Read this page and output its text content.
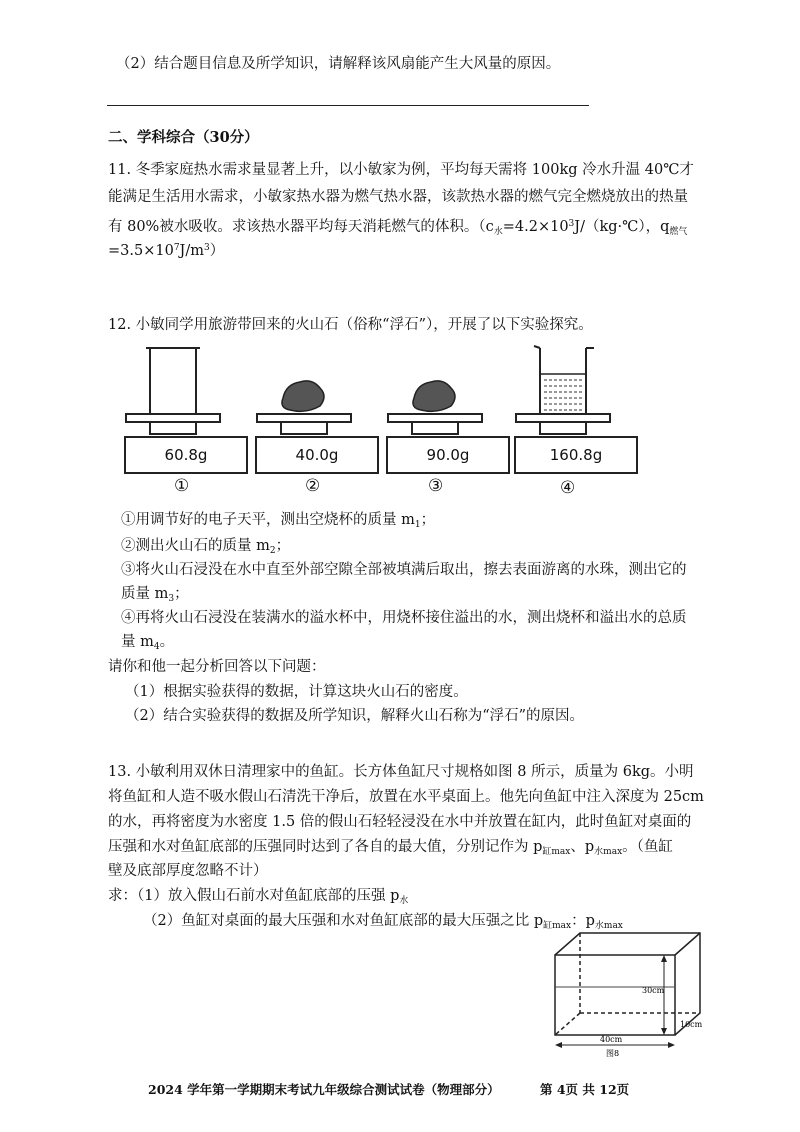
（2）结合题目信息及所学知识，请解释该风扇能产生大风量的原因。
二、学科综合（30分）
11. 冬季家庭热水需求量显著上升，以小敏家为例，平均每天需将 100kg 冷水升温 40℃才
能满足生活用水需求，小敏家热水器为燃气热水器，该款热水器的燃气完全燃烧放出的热量
有 80%被水吸收。求该热水器平均每天消耗燃气的体积。（$c_水=4.2\times 10^3J/(kg\cdot℃)$，$q_{燃气}$
$=3.5\times 10^7J/m^3$）
12. 小敏同学用旅游带回来的火山石（俗称“浮石”），开展了以下实验探究。
60.8g	40.0g	90.0g	160.8g
①	②	③	④
①用调节好的电子天平，测出空烧杯的质量 $m_1$；
②测出火山石的质量 $m_2$；
③将火山石浸没在水中直至外部空隙全部被填满后取出，擦去表面游离的水珠，测出它的
质量 $m_3$；
④再将火山石浸没在装满水的溢水杯中，用烧杯接住溢出的水，测出烧杯和溢出水的总质
量 $m_4$。
请你和他一起分析回答以下问题：
（1）根据实验获得的数据，计算这块火山石的密度。
（2）结合实验获得的数据及所学知识，解释火山石称为“浮石”的原因。
13. 小敏利用双休日清理家中的鱼缸。长方体鱼缸尺寸规格如图 8 所示，质量为 6kg。小明
将鱼缸和人造不吸水假山石清洗干净后，放置在水平桌面上。他先向鱼缸中注入深度为 25cm
的水，再将密度为水密度 1.5 倍的假山石轻轻浸没在水中并放置在缸内，此时鱼缸对桌面的
压强和水对鱼缸底部的压强同时达到了各自的最大值，分别记作为 $p_{缸max}$、$p_{水max}$。（鱼缸
壁及底部厚度忽略不计）
求：（1）放入假山石前水对鱼缸底部的压强 $p_水$
（2）鱼缸对桌面的最大压强和水对鱼缸底部的最大压强之比 $p_{缸max}$：$p_{水max}$
30cm
40cm
10cm
图8
2024 学年第一学期期末考试九年级综合测试试卷（物理部分）	第 4页 共 12页
